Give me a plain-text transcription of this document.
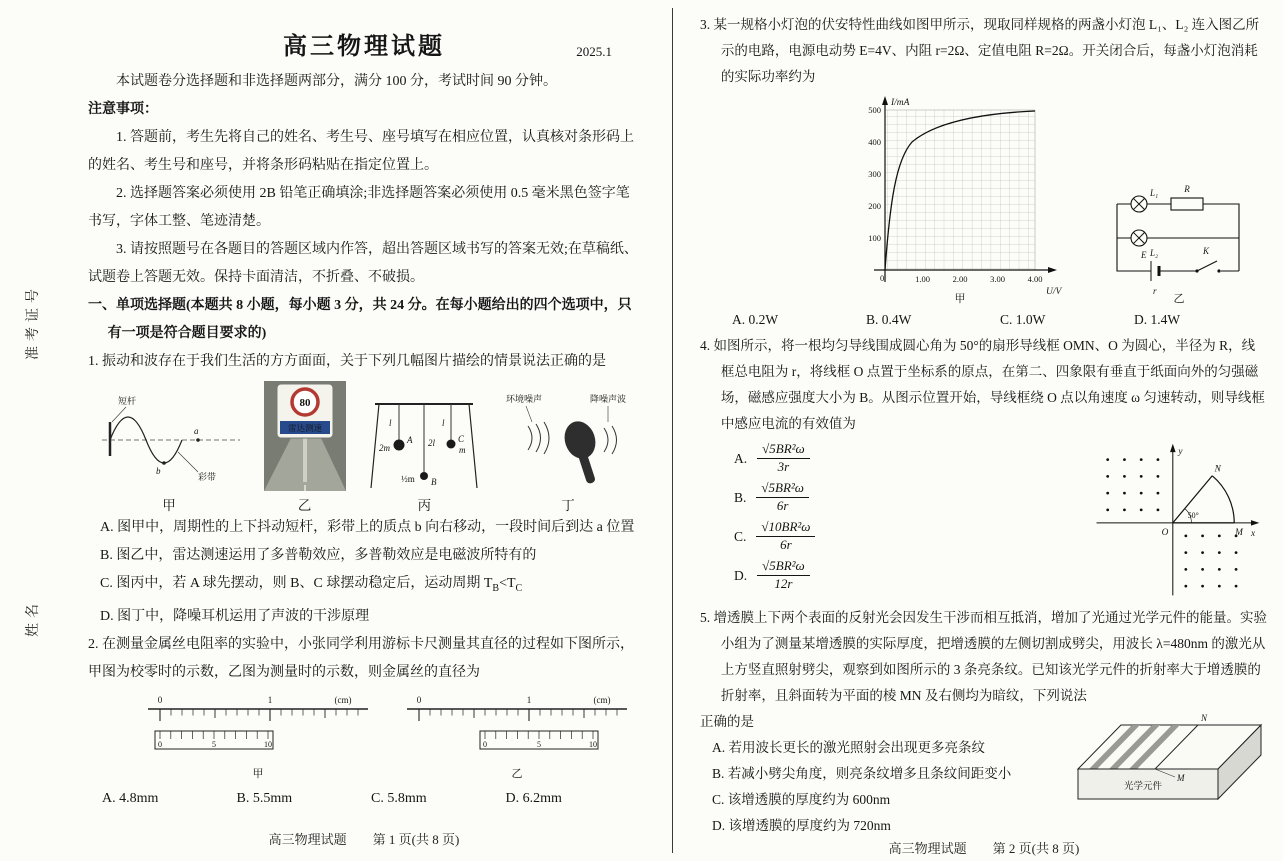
准考证号
姓名
高三物理试题	2025.1

本试题卷分选择题和非选择题两部分，满分 100 分，考试时间 90 分钟。

注意事项：

1. 答题前，考生先将自己的姓名、考生号、座号填写在相应位置，认真核对条形码上的姓名、考生号和座号，并将条形码粘贴在指定位置上。

2. 选择题答案必须使用 2B 铅笔正确填涂;非选择题答案必须使用 0.5 毫米黑色签字笔书写，字体工整、笔迹清楚。

3. 请按照题号在各题目的答题区域内作答，超出答题区域书写的答案无效;在草稿纸、试题卷上答题无效。保持卡面清洁，不折叠、不破损。

一、单项选择题(本题共 8 小题，每小题 3 分，共 24 分。在每小题给出的四个选项中，只有一项是符合题目要求的)

1. 振动和波存在于我们生活的方方面面，关于下列几幅图片描绘的情景说法正确的是

短杆
a
b
彩带
甲
80
雷达测速
乙
l
A
2m
l
C
m
2l
½m B
丙
环境噪声	降噪声波
丁

A. 图甲中，周期性的上下抖动短杆，彩带上的质点 b 向右移动，一段时间后到达 a 位置

B. 图乙中，雷达测速运用了多普勒效应，多普勒效应是电磁波所特有的

C. 图丙中，若 A 球先摆动，则 B、C 球摆动稳定后，运动周期 $T_B<T_C$

D. 图丁中，降噪耳机运用了声波的干涉原理

2. 在测量金属丝电阻率的实验中，小张同学利用游标卡尺测量其直径的过程如下图所示，甲图为校零时的示数，乙图为测量时的示数，则金属丝的直径为

0	1	(cm)
0	5	10
甲
0	1	(cm)
0	5	10
乙
A. 4.8mm	B. 5.5mm	C. 5.8mm	D. 6.2mm
高三物理试题　　第 1 页(共 8 页)

3. 某一规格小灯泡的伏安特性曲线如图甲所示，现取同样规格的两盏小灯泡 L₁、L₂ 连入图乙所示的电路，电源电动势 E=4V、内阻 r=2Ω、定值电阻 R=2Ω。开关闭合后，每盏小灯泡消耗的实际功率约为

I/mA
100
200
300
400
500
0	1.00	2.00	3.00	4.00
U/V
甲
L₁
L₂
R
E
r
K
乙
A. 0.2W	B. 0.4W	C. 1.0W	D. 1.4W

4. 如图所示，将一根均匀导线围成圆心角为 50°的扇形导线框 OMN、O 为圆心，半径为 R，线框总电阻为 r，将线框 O 点置于坐标系的原点，在第二、四象限有垂直于纸面向外的匀强磁场，磁感应强度大小为 B。从图示位置开始，导线框绕 O 点以角速度 ω 匀速转动，则导线框中感应电流的有效值为

A. $\frac{\text{√5BR²ω}}{3r}$
B. $\frac{\text{√5BR²ω}}{6r}$
C. $\frac{\text{√10BR²ω}}{6r}$
D. $\frac{\text{√5BR²ω}}{12r}$
y
x
O
50°
N
M

5. 增透膜上下两个表面的反射光会因发生干涉而相互抵消，增加了光通过光学元件的能量。实验小组为了测量某增透膜的实际厚度，把增透膜的左侧切割成劈尖，用波长 λ=480nm 的激光从上方竖直照射劈尖，观察到如图所示的 3 条亮条纹。已知该光学元件的折射率大于增透膜的折射率，且斜面转为平面的棱 MN 及右侧均为暗纹，下列说法

N
M
光学元件

正确的是

A. 若用波长更长的激光照射会出现更多亮条纹

B. 若减小劈尖角度，则亮条纹增多且条纹间距变小

C. 该增透膜的厚度约为 600nm

D. 该增透膜的厚度约为 720nm

高三物理试题　　第 2 页(共 8 页)
